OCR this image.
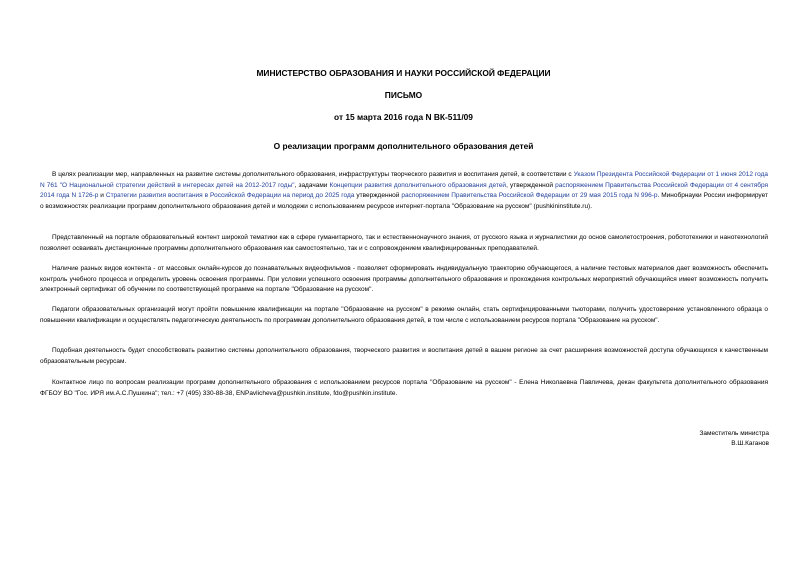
МИНИСТЕРСТВО ОБРАЗОВАНИЯ И НАУКИ РОССИЙСКОЙ ФЕДЕРАЦИИ
ПИСЬМО
от 15 марта 2016 года N ВК-511/09
О реализации программ дополнительного образования детей

В целях реализации мер, направленных на развитие системы дополнительного образования, инфраструктуры творческого развития и воспитания детей, в соответствии с Указом Президента Российской Федерации от 1 июня 2012 года N 761 "О Национальной стратегии действий в интересах детей на 2012-2017 годы", задачами Концепции развития дополнительного образования детей, утвержденной распоряжением Правительства Российской Федерации от 4 сентября 2014 года N 1726-р и Стратегии развития воспитания в Российской Федерации на период до 2025 года утвержденной распоряжением Правительства Российской Федерации от 29 мая 2015 года N 996-р. Минобрнауки России информирует о возможностях реализации программ дополнительного образования детей и молодежи с использованием ресурсов интернет-портала "Образование на русском" (pushkininstitute.ru).

Представленный на портале образовательный контент широкой тематики как в сфере гуманитарного, так и естественнонаучного знания, от русского языка и журналистики до основ самолетостроения, робототехники и нанотехнологий позволяет осваивать дистанционные программы дополнительного образования как самостоятельно, так и с сопровождением квалифицированных преподавателей.

Наличие разных видов контента - от массовых онлайн-курсов до познавательных видеофильмов - позволяет сформировать индивидуальную траекторию обучающегося, а наличие тестовых материалов дает возможность обеспечить контроль учебного процесса и определить уровень освоения программы. При условии успешного освоения программы дополнительного образования и прохождения контрольных мероприятий обучающийся имеет возможность получить электронный сертификат об обучении по соответствующей программе на портале "Образование на русском".

Педагоги образовательных организаций могут пройти повышение квалификации на портале "Образование на русском" в режиме онлайн, стать сертифицированными тьюторами, получить удостоверение установленного образца о повышении квалификации и осуществлять педагогическую деятельность по программам дополнительного образования детей, в том числе с использованием ресурсов портала "Образование на русском".

Подобная деятельность будет способствовать развитию системы дополнительного образования, творческого развития и воспитания детей в вашем регионе за счет расширения возможностей доступа обучающихся к качественным образовательным ресурсам.

Контактное лицо по вопросам реализации программ дополнительного образования с использованием ресурсов портала "Образование на русском" - Елена Николаевна Павличева, декан факультета дополнительного образования ФГБОУ ВО "Гос. ИРЯ им.А.С.Пушкина"; тел.: +7 (495) 330-88-38, ENPavlicheva@pushkin.institute, fdo@pushkin.institute.

Заместитель министра
В.Ш.Каганов
